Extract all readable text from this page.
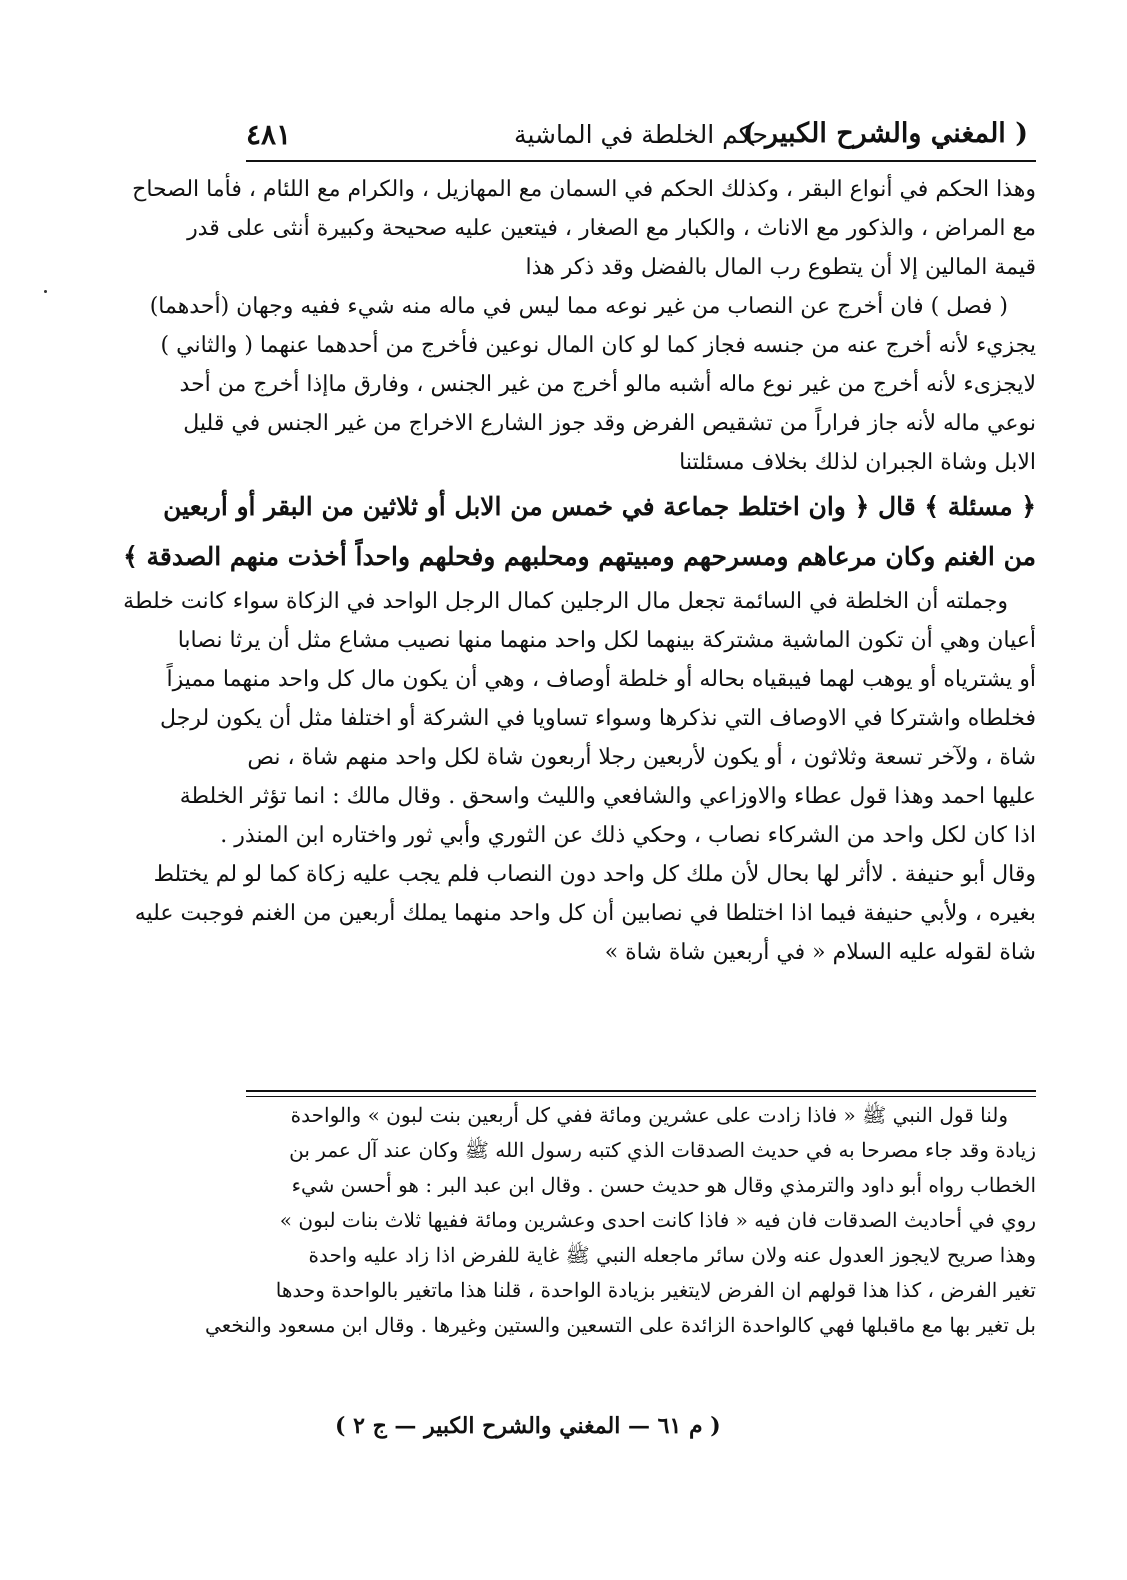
( المغني والشرح الكبير )
حكم الخلطة في الماشية
٤٨١
وهذا الحكم في أنواع البقر ، وكذلك الحكم في السمان مع المهازيل ، والكرام مع اللئام ، فأما الصحاح
مع المراض ، والذكور مع الاناث ، والكبار مع الصغار ، فيتعين عليه صحيحة وكبيرة أنثى على قدر
قيمة المالين إلا أن يتطوع رب المال بالفضل وقد ذكر هذا
( فصل ) فان أخرج عن النصاب من غير نوعه مما ليس في ماله منه شيء ففيه وجهان (أحدهما)
يجزيء لأنه أخرج عنه من جنسه فجاز كما لو كان المال نوعين فأخرج من أحدهما عنهما ( والثاني )
لايجزىء لأنه أخرج من غير نوع ماله أشبه مالو أخرج من غير الجنس ، وفارق ماإذا أخرج من أحد
نوعي ماله لأنه جاز فراراً من تشقيص الفرض وقد جوز الشارع الاخراج من غير الجنس في قليل
الابل وشاة الجبران لذلك بخلاف مسئلتنا
﴿ مسئلة ﴾ قال ﴿ وان اختلط جماعة في خمس من الابل أو ثلاثين من البقر أو أربعين
من الغنم وكان مرعاهم ومسرحهم ومبيتهم ومحلبهم وفحلهم واحداً أخذت منهم الصدقة ﴾
وجملته أن الخلطة في السائمة تجعل مال الرجلين كمال الرجل الواحد في الزكاة سواء كانت خلطة
أعيان وهي أن تكون الماشية مشتركة بينهما لكل واحد منهما منها نصيب مشاع مثل أن يرثا نصابا
أو يشترياه أو يوهب لهما فيبقياه بحاله أو خلطة أوصاف ، وهي أن يكون مال كل واحد منهما مميزاً
فخلطاه واشتركا في الاوصاف التي نذكرها وسواء تساويا في الشركة أو اختلفا مثل أن يكون لرجل
شاة ، ولآخر تسعة وثلاثون ، أو يكون لأربعين رجلا أربعون شاة لكل واحد منهم شاة ، نص
عليها احمد وهذا قول عطاء والاوزاعي والشافعي والليث واسحق . وقال مالك : انما تؤثر الخلطة
اذا كان لكل واحد من الشركاء نصاب ، وحكي ذلك عن الثوري وأبي ثور واختاره ابن المنذر .
وقال أبو حنيفة . لاأثر لها بحال لأن ملك كل واحد دون النصاب فلم يجب عليه زكاة كما لو لم يختلط
بغيره ، ولأبي حنيفة فيما اذا اختلطا في نصابين أن كل واحد منهما يملك أربعين من الغنم فوجبت عليه
شاة لقوله عليه السلام « في أربعين شاة شاة »
ولنا قول النبي ﷺ « فاذا زادت على عشرين ومائة ففي كل أربعين بنت لبون » والواحدة
زيادة وقد جاء مصرحا به في حديث الصدقات الذي كتبه رسول الله ﷺ وكان عند آل عمر بن
الخطاب رواه أبو داود والترمذي وقال هو حديث حسن . وقال ابن عبد البر : هو أحسن شيء
روي في أحاديث الصدقات فان فيه « فاذا كانت احدى وعشرين ومائة ففيها ثلاث بنات لبون »
وهذا صريح لايجوز العدول عنه ولان سائر ماجعله النبي ﷺ غاية للفرض اذا زاد عليه واحدة
تغير الفرض ، كذا هذا قولهم ان الفرض لايتغير بزيادة الواحدة ، قلنا هذا ماتغير بالواحدة وحدها
بل تغير بها مع ماقبلها فهي كالواحدة الزائدة على التسعين والستين وغيرها . وقال ابن مسعود والنخعي
( م ٦١ — المغني والشرح الكبير — ج ٢ )
